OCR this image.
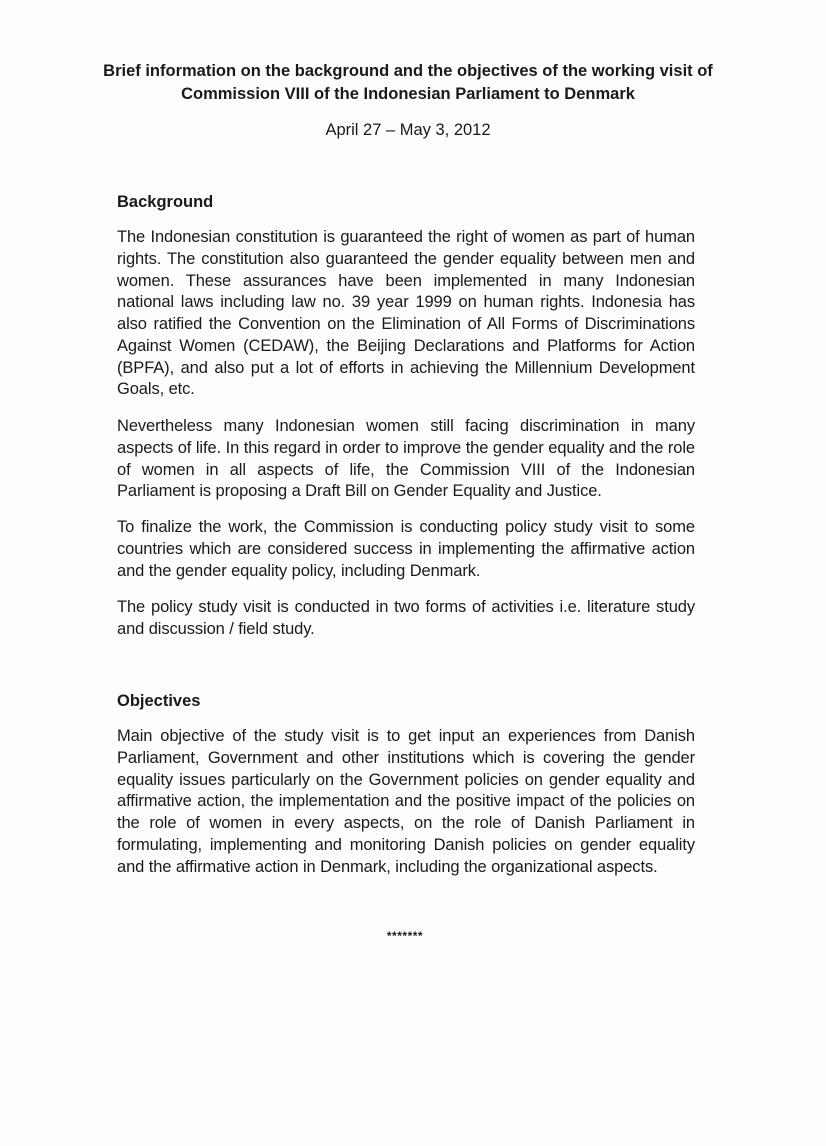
Brief information on the background and the objectives of the working visit of Commission VIII of the Indonesian Parliament to Denmark
April 27 – May 3, 2012
Background
The Indonesian constitution is guaranteed the right of women as part of human rights. The constitution also guaranteed the gender equality between men and women. These assurances have been implemented in many Indonesian national laws including law no. 39 year 1999 on human rights. Indonesia has also ratified the Convention on the Elimination of All Forms of Discriminations Against Women (CEDAW), the Beijing Declarations and Platforms for Action (BPFA), and also put a lot of efforts in achieving the Millennium Development Goals, etc.
Nevertheless many Indonesian women still facing discrimination in many aspects of life. In this regard in order to improve the gender equality and the role of women in all aspects of life, the Commission VIII of the Indonesian Parliament is proposing a Draft Bill on Gender Equality and Justice.
To finalize the work, the Commission is conducting policy study visit to some countries which are considered success in implementing the affirmative action and the gender equality policy, including Denmark.
The policy study visit is conducted in two forms of activities i.e. literature study and discussion / field study.
Objectives
Main objective of the study visit is to get input an experiences from Danish Parliament, Government and other institutions which is covering the gender equality issues particularly on the Government policies on gender equality and affirmative action, the implementation and the positive impact of the policies on the role of women in every aspects, on the role of Danish Parliament in formulating, implementing and monitoring Danish policies on gender equality and the affirmative action in Denmark, including the organizational aspects.
*******
